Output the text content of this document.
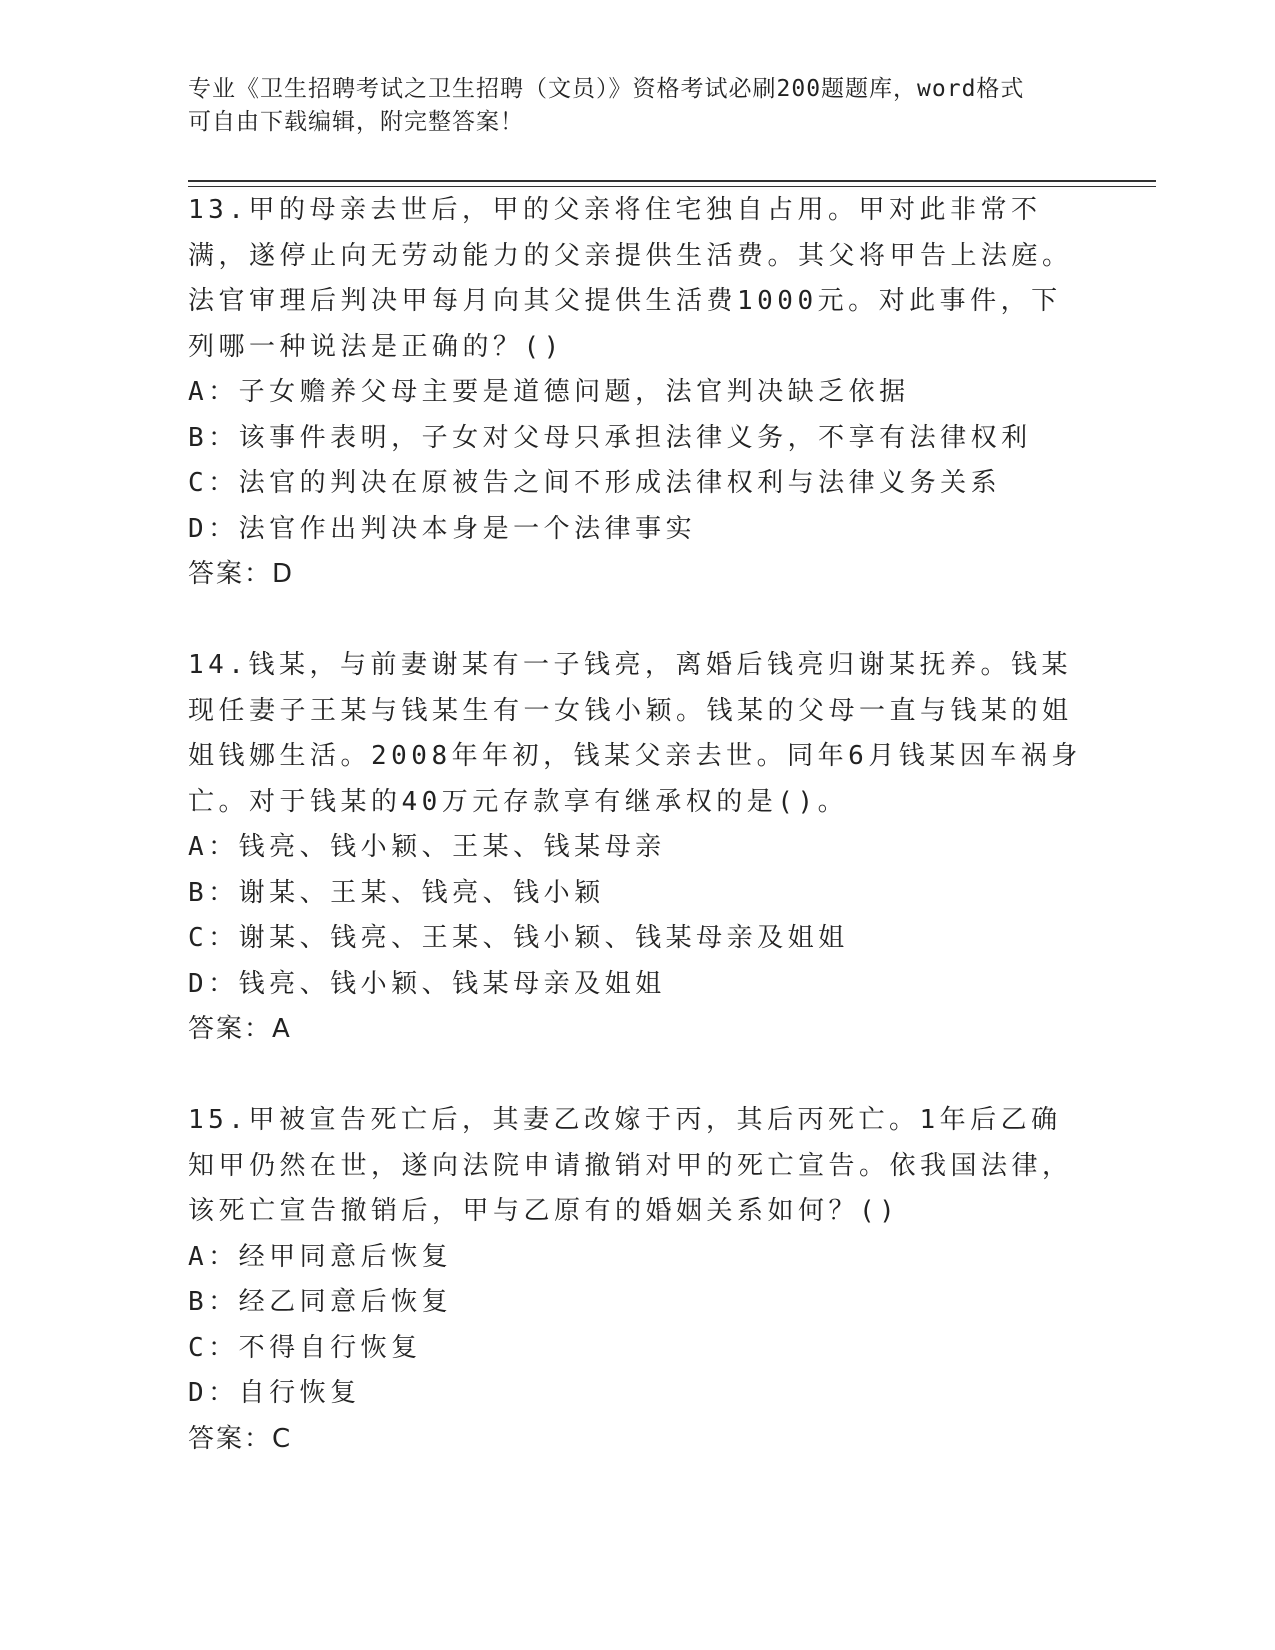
专业《卫生招聘考试之卫生招聘（文员）》资格考试必刷200题题库，word格式
可自由下载编辑，附完整答案！

13.甲的母亲去世后，甲的父亲将住宅独自占用。甲对此非常不满，遂停止向无劳动能力的父亲提供生活费。其父将甲告上法庭。法官审理后判决甲每月向其父提供生活费1000元。对此事件，下列哪一种说法是正确的？()

A：子女赡养父母主要是道德问题，法官判决缺乏依据

B：该事件表明，子女对父母只承担法律义务，不享有法律权利

C：法官的判决在原被告之间不形成法律权利与法律义务关系

D：法官作出判决本身是一个法律事实

答案：D

14.钱某，与前妻谢某有一子钱亮，离婚后钱亮归谢某抚养。钱某现任妻子王某与钱某生有一女钱小颖。钱某的父母一直与钱某的姐姐钱娜生活。2008年年初，钱某父亲去世。同年6月钱某因车祸身亡。对于钱某的40万元存款享有继承权的是()。

A：钱亮、钱小颖、王某、钱某母亲

B：谢某、王某、钱亮、钱小颖

C：谢某、钱亮、王某、钱小颖、钱某母亲及姐姐

D：钱亮、钱小颖、钱某母亲及姐姐

答案：A

15.甲被宣告死亡后，其妻乙改嫁于丙，其后丙死亡。1年后乙确知甲仍然在世，遂向法院申请撤销对甲的死亡宣告。依我国法律，该死亡宣告撤销后，甲与乙原有的婚姻关系如何？()

A：经甲同意后恢复

B：经乙同意后恢复

C：不得自行恢复

D：自行恢复

答案：C
